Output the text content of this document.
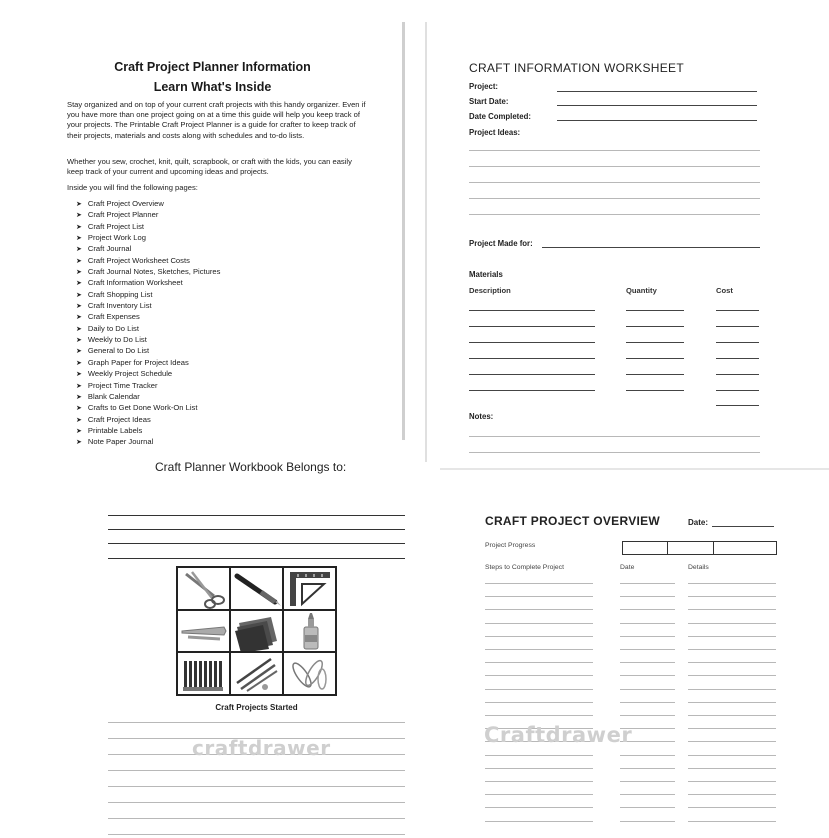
Craft Project Planner Information
Learn What's Inside

Stay organized and on top of your current craft projects with this handy organizer. Even if you have more than one project going on at a time this guide will help you keep track of your projects. The Printable Craft Project Planner is a guide for crafter to keep track of their projects, materials and costs along with schedules and to-do lists.

Whether you sew, crochet, knit, quilt, scrapbook, or craft with the kids, you can easily keep track of your current and upcoming ideas and projects.

Inside you will find the following pages:

➤ Craft Project Overview
➤ Craft Project Planner
➤ Craft Project List
➤ Project Work Log
➤ Craft Journal
➤ Craft Project Worksheet Costs
➤ Craft Journal Notes, Sketches, Pictures
➤ Craft Information Worksheet
➤ Craft Shopping List
➤ Craft Inventory List
➤ Craft Expenses
➤ Daily to Do List
➤ Weekly to Do List
➤ General to Do List
➤ Graph Paper for Project Ideas
➤ Weekly Project Schedule
➤ Project Time Tracker
➤ Blank Calendar
➤ Crafts to Get Done Work-On List
➤ Craft Project Ideas
➤ Printable Labels
➤ Note Paper Journal
CRAFT INFORMATION WORKSHEET
Project:
Start Date:
Date Completed:
Project Ideas:
Project Made for:
Materials
Description	Quantity	Cost
Notes:
Craft Planner Workbook Belongs to:
Craft Projects Started
craftdrawer
CRAFT PROJECT OVERVIEW	Date:
Project Progress
Steps to Complete Project	Date	Details
Craftdrawer
